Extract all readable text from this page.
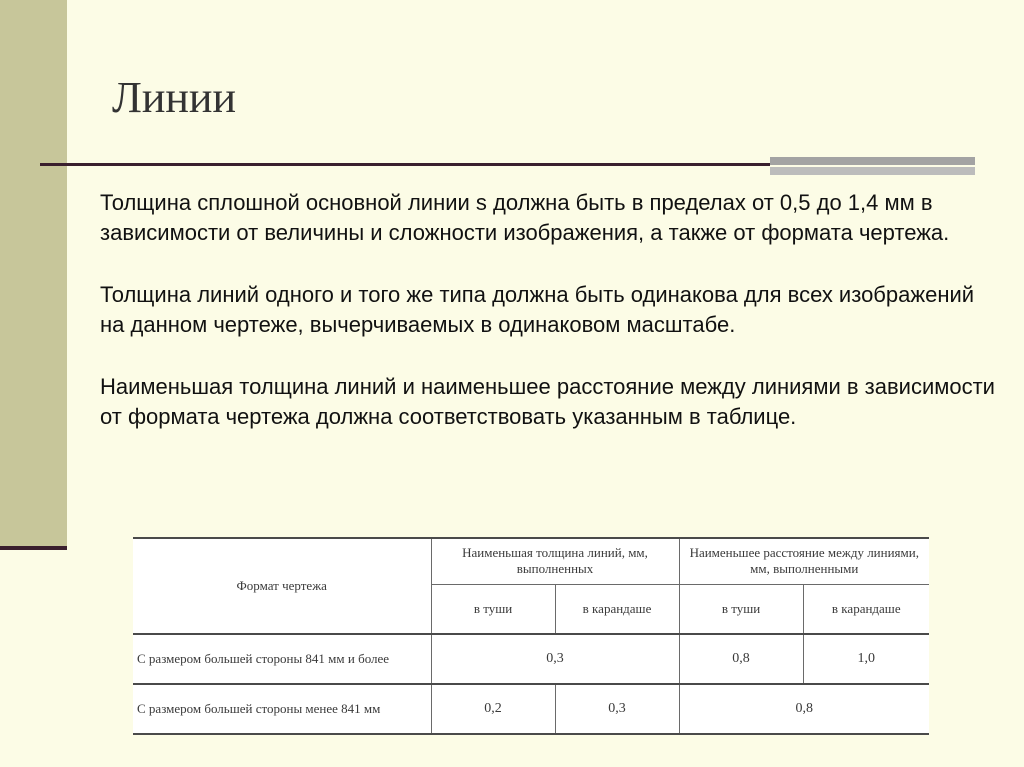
Линии

Толщина сплошной основной линии s должна быть в пределах от 0,5 до 1,4 мм в зависимости от величины и сложности изображения, а также от формата чертежа.

Толщина линий одного и того же типа должна быть одинакова для всех изображений на данном чертеже, вычерчиваемых в одинаковом масштабе.

Наименьшая толщина линий и наименьшее расстояние между линиями в зависимости от формата чертежа должна соответствовать указанным в таблице.

Формат чертежа	Наименьшая толщина линий, мм, выполненных		Наименьшее расстояние между линиями, мм, выполненными	
	в туши	в карандаше	в туши	в карандаше
С размером большей стороны 841 мм и более	0,3		0,8	1,0
С размером большей стороны менее 841 мм	0,2	0,3	0,8	
